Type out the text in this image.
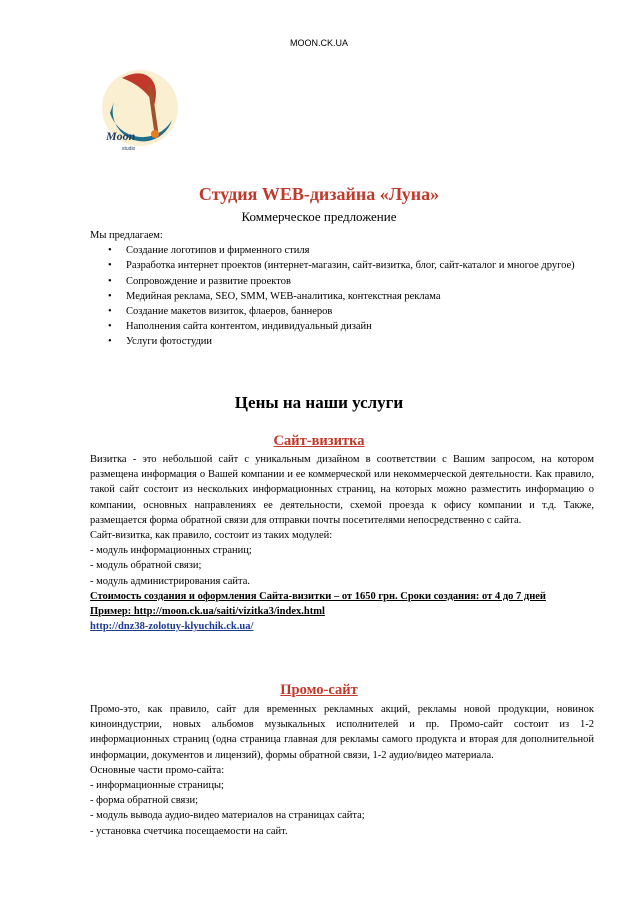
MOON.CK.UA
Moon
studio
Студия WEB-дизайна «Луна»
Коммерческое предложение
Мы предлагаем:
• Создание логотипов и фирменного стиля
• Разработка интернет проектов (интернет-магазин, сайт-визитка, блог, сайт-каталог и многое другое)
• Сопровождение и развитие проектов
• Медийная реклама, SEO, SMM, WEB-аналитика, контекстная реклама
• Создание макетов визиток, флаеров, баннеров
• Наполнения сайта контентом, индивидуальный дизайн
• Услуги фотостудии
Цены на наши услуги
Сайт-визитка
Визитка - это небольшой сайт с уникальным дизайном в соответствии с Вашим запросом, на котором размещена информация о Вашей компании и ее коммерческой или некоммерческой деятельности. Как правило, такой сайт состоит из нескольких информационных страниц, на которых можно разместить информацию о компании, основных направлениях ее деятельности, схемой проезда к офису компании и т.д. Также, размещается форма обратной связи для отправки почты посетителями непосредственно с сайта.
Сайт-визитка, как правило, состоит из таких модулей:
- модуль информационных страниц;
- модуль обратной связи;
- модуль администрирования сайта.
Стоимость создания и оформления Сайта-визитки – от 1650 грн. Сроки создания: от 4 до 7 дней
Пример: http://moon.ck.ua/saiti/vizitka3/index.html
http://dnz38-zolotuy-klyuchik.ck.ua/
Промо-сайт
Промо-это, как правило, сайт для временных рекламных акций, рекламы новой продукции, новинок киноиндустрии, новых альбомов музыкальных исполнителей и пр. Промо-сайт состоит из 1-2 информационных страниц (одна страница главная для рекламы самого продукта и вторая для дополнительной информации, документов и лицензий), формы обратной связи, 1-2 аудио/видео материала.
Основные части промо-сайта:
- информационные страницы;
- форма обратной связи;
- модуль вывода аудио-видео материалов на страницах сайта;
- установка счетчика посещаемости на сайт.
